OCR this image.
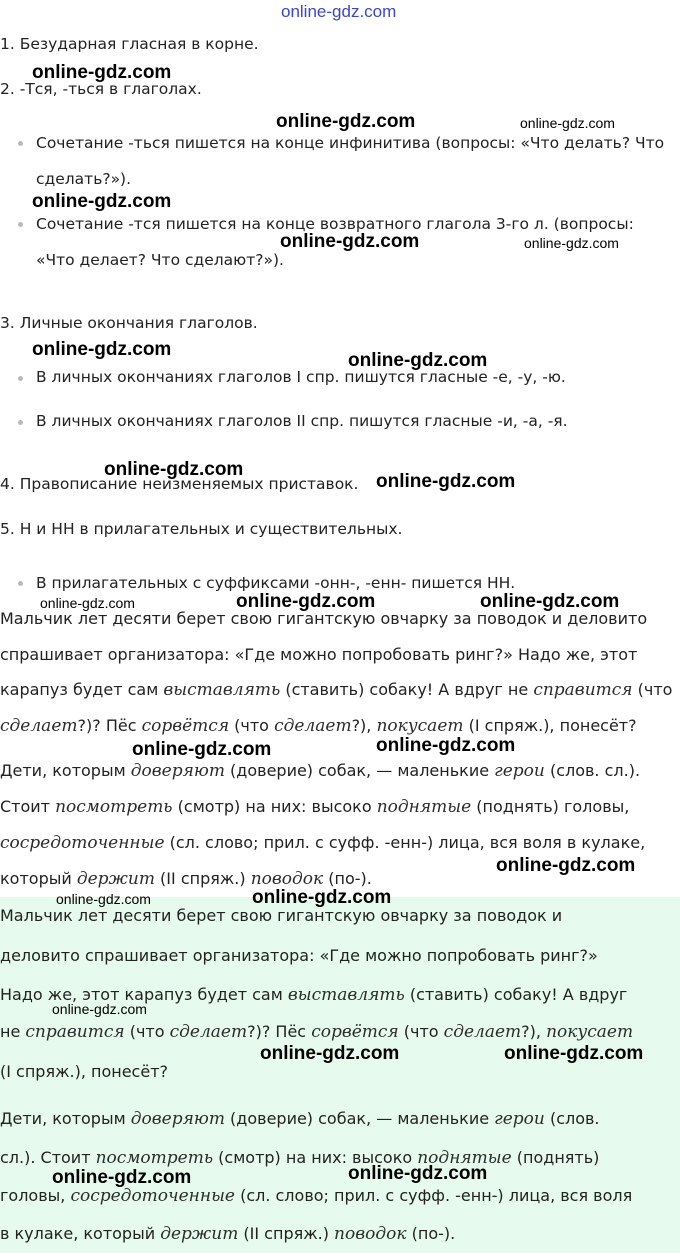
online-gdz.com
1. Безударная гласная в корне.
2. -Тся, -ться в глаголах.
Сочетание -ться пишется на конце инфинитива (вопросы: «Что делать? Что
сделать?»).
Сочетание -тся пишется на конце возвратного глагола 3-го л. (вопросы:
«Что делает? Что сделают?»).
3. Личные окончания глаголов.
В личных окончаниях глаголов I спр. пишутся гласные -е, -у, -ю.
В личных окончаниях глаголов II спр. пишутся гласные -и, -а, -я.
4. Правописание неизменяемых приставок.
5. Н и НН в прилагательных и существительных.
В прилагательных с суффиксами -онн-, -енн- пишется НН.
Мальчик лет десяти берет свою гигантскую овчарку за поводок и деловито
спрашивает организатора: «Где можно попробовать ринг?» Надо же, этот
карапуз будет сам выставлять (ставить) собаку! А вдруг не справится (что
сделает?)? Пёс сорвётся (что сделает?), покусает (I спряж.), понесёт?
Дети, которым доверяют (доверие) собак, — маленькие герои (слов. сл.).
Стоит посмотреть (смотр) на них: высоко поднятые (поднять) головы,
сосредоточенные (сл. слово; прил. с суфф. -енн-) лица, вся воля в кулаке,
который держит (II спряж.) поводок (по-).
Мальчик лет десяти берет свою гигантскую овчарку за поводок и
деловито спрашивает организатора: «Где можно попробовать ринг?»
Надо же, этот карапуз будет сам выставлять (ставить) собаку! А вдруг
не справится (что сделает?)? Пёс сорвётся (что сделает?), покусает
(I спряж.), понесёт?
Дети, которым доверяют (доверие) собак, — маленькие герои (слов.
сл.). Стоит посмотреть (смотр) на них: высоко поднятые (поднять)
головы, сосредоточенные (сл. слово; прил. с суфф. -енн-) лица, вся воля
в кулаке, который держит (II спряж.) поводок (по-).
online-gdz.com
online-gdz.com	online-gdz.com
online-gdz.com
online-gdz.com	online-gdz.com
online-gdz.com
online-gdz.com
online-gdz.com
online-gdz.com
online-gdz.com	online-gdz.com	online-gdz.com
online-gdz.com	online-gdz.com
online-gdz.com
online-gdz.com	online-gdz.com
online-gdz.com
online-gdz.com	online-gdz.com
online-gdz.com	online-gdz.com
